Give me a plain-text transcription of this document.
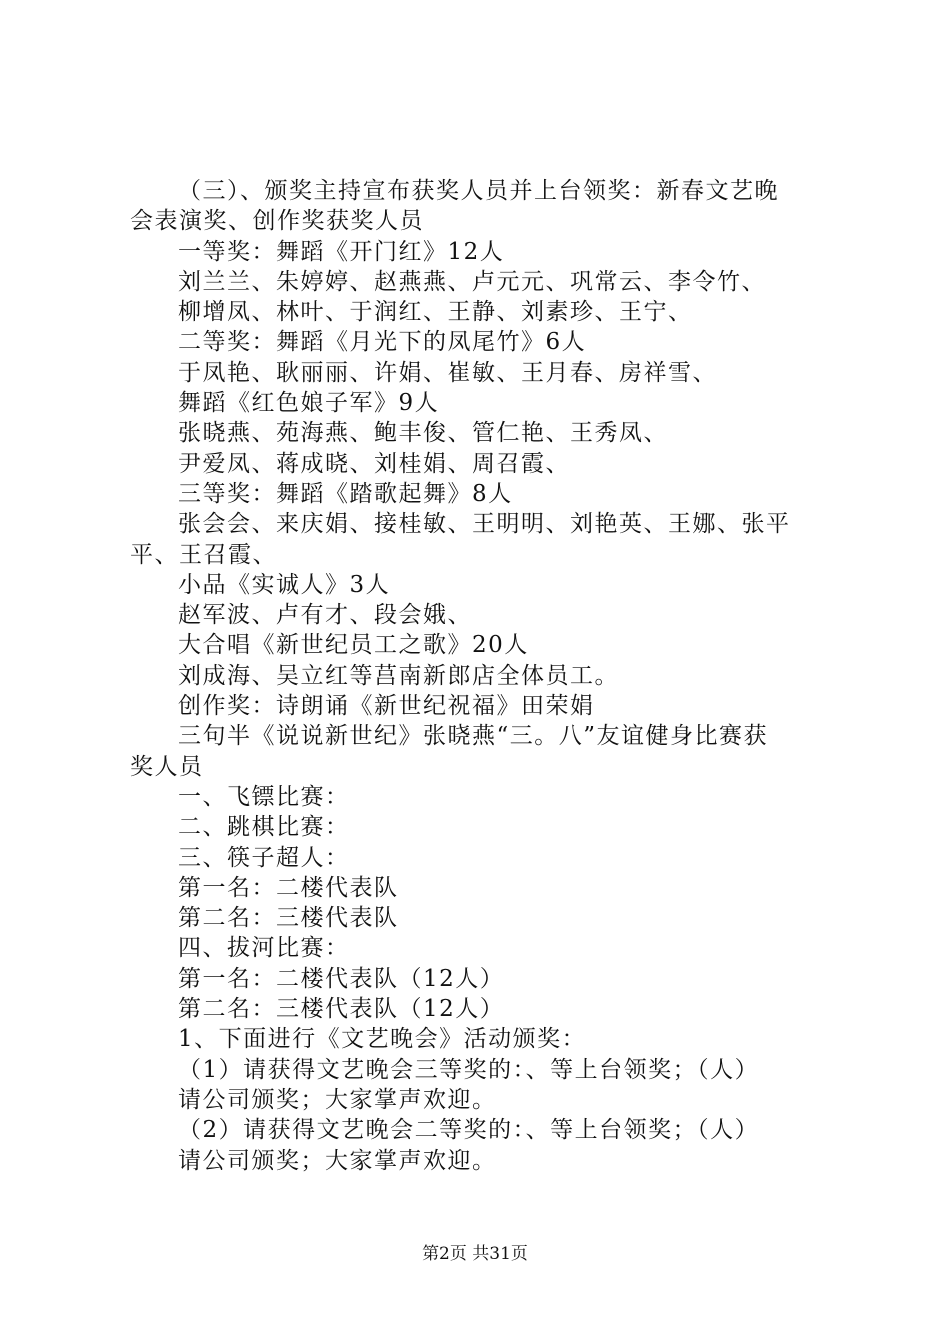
（三）、颁奖主持宣布获奖人员并上台领奖：新春文艺晚
会表演奖、创作奖获奖人员
一等奖：舞蹈《开门红》12人
刘兰兰、朱婷婷、赵燕燕、卢元元、巩常云、李令竹、
柳增凤、林叶、于润红、王静、刘素珍、王宁、
二等奖：舞蹈《月光下的凤尾竹》6人
于凤艳、耿丽丽、许娟、崔敏、王月春、房祥雪、
舞蹈《红色娘子军》9人
张晓燕、苑海燕、鲍丰俊、管仁艳、王秀凤、
尹爱凤、蒋成晓、刘桂娟、周召霞、
三等奖：舞蹈《踏歌起舞》8人
张会会、来庆娟、接桂敏、王明明、刘艳英、王娜、张平
平、王召霞、
小品《实诚人》3人
赵军波、卢有才、段会娥、
大合唱《新世纪员工之歌》20人
刘成海、吴立红等莒南新郎店全体员工。
创作奖：诗朗诵《新世纪祝福》田荣娟
三句半《说说新世纪》张晓燕“三。八”友谊健身比赛获
奖人员
一、飞镖比赛：
二、跳棋比赛：
三、筷子超人：
第一名：二楼代表队
第二名：三楼代表队
四、拔河比赛：
第一名：二楼代表队（12人）
第二名：三楼代表队（12人）
1、下面进行《文艺晚会》活动颁奖：
（1）请获得文艺晚会三等奖的：、等上台领奖；（人）
请公司颁奖；大家掌声欢迎。
（2）请获得文艺晚会二等奖的：、等上台领奖；（人）
请公司颁奖；大家掌声欢迎。
第2页 共31页
